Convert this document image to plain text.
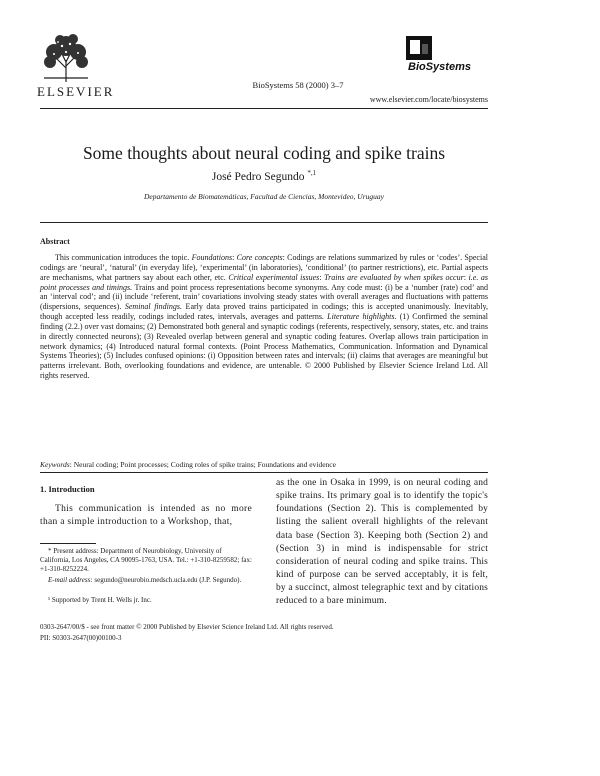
ELSEVIER	BioSystems 58 (2000) 3–7
BioSystems
www.elsevier.com/locate/biosystems
Some thoughts about neural coding and spike trains
José Pedro Segundo $^{*,1}$
Departamento de Biomatemáticas, Facultad de Ciencias, Montevideo, Uruguay
Abstract
This communication introduces the topic. Foundations: Core concepts: Codings are relations summarized by rules or ‘codes’. Special codings are ‘neural’, ‘natural’ (in everyday life), ‘experimental’ (in laboratories), ‘conditional’ (to partner restrictions), etc. Partial aspects are mechanisms, what partners say about each other, etc. Critical experimental issues: Trains are evaluated by when spikes occur: i.e. as point processes and timings. Trains and point process representations become synonyms. Any code must: (i) be a ‘number (rate) cod’ and an ‘interval cod’; and (ii) include ‘referent, train’ covariations involving steady states with overall averages and fluctuations with patterns (dispersions, sequences). Seminal findings. Early data proved trains participated in codings; this is accepted unanimously. Inevitably, though accepted less readily, codings included rates, intervals, averages and patterns. Literature highlights. (1) Confirmed the seminal finding (2.2.) over vast domains; (2) Demonstrated both general and synaptic codings (referents, respectively, sensory, states, etc. and trains in directly connected neurons); (3) Revealed overlap between general and synaptic coding features. Overlap allows train participation in network dynamics; (4) Introduced natural formal contexts. (Point Process Mathematics, Communication. Information and Dynamical Systems Theories); (5) Includes confused opinions: (i) Opposition between rates and intervals; (ii) claims that averages are meaningful but patterns irrelevant. Both, overlooking foundations and evidence, are untenable. © 2000 Published by Elsevier Science Ireland Ltd. All rights reserved.
Keywords: Neural coding; Point processes; Coding roles of spike trains; Foundations and evidence
1. Introduction
This communication is intended as no more than a simple introduction to a Workshop, that,
as the one in Osaka in 1999, is on neural coding and spike trains. Its primary goal is to identify the topic's foundations (Section 2). This is complemented by listing the salient overall highlights of the relevant data base (Section 3). Keeping both (Section 2) and (Section 3) in mind is indispensable for strict consideration of neural coding and spike trains. This kind of purpose can be served acceptably, it is felt, by a succinct, almost telegraphic text and by citations reduced to a bare minimum.
* Present address: Department of Neurobiology, University of California, Los Angeles, CA 90095-1763, USA. Tel.: +1-310-8259582; fax: +1-310-8252224.
E-mail address: segundo@neurobio.medsch.ucla.edu (J.P. Segundo).
¹ Supported by Trent H. Wells jr. Inc.
0303-2647/00/$ - see front matter © 2000 Published by Elsevier Science Ireland Ltd. All rights reserved.
PII: S0303-2647(00)00100-3
